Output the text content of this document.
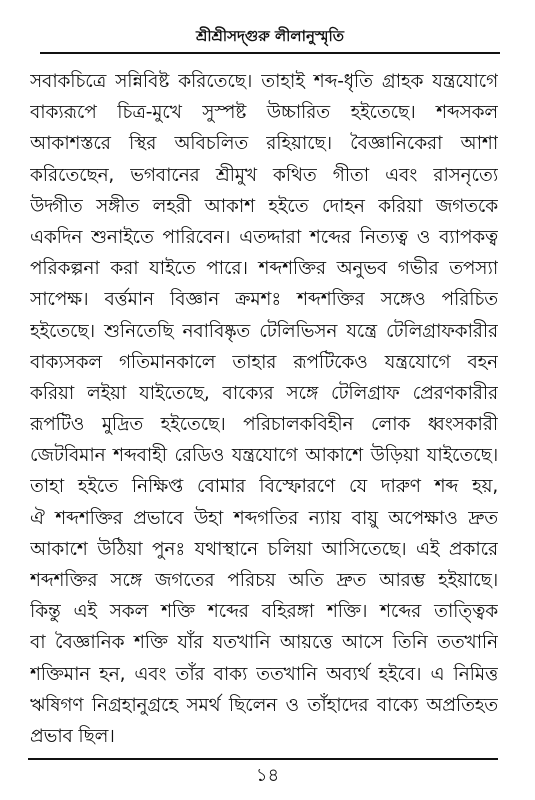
শ্রীশ্রীসদ্‌গুরু লীলানুস্মৃতি
সবাকচিত্রে সন্নিবিষ্ট করিতেছে। তাহাই শব্দ-ধৃতি গ্রাহক যন্ত্রযোগে
বাক্যরূপে চিত্র-মুখে সুস্পষ্ট উচ্চারিত হইতেছে। শব্দসকল
আকাশস্তরে স্থির অবিচলিত রহিয়াছে। বৈজ্ঞানিকেরা আশা
করিতেছেন, ভগবানের শ্রীমুখ কথিত গীতা এবং রাসনৃত্যে
উদ্গীত সঙ্গীত লহরী আকাশ হইতে দোহন করিয়া জগতকে
একদিন শুনাইতে পারিবেন। এতদ্দারা শব্দের নিত্যত্ব ও ব্যাপকত্ব
পরিকল্পনা করা যাইতে পারে। শব্দশক্তির অনুভব গভীর তপস্যা
সাপেক্ষ। বর্ত্তমান বিজ্ঞান ক্রমশঃ শব্দশক্তির সঙ্গেও পরিচিত
হইতেছে। শুনিতেছি নবাবিষ্কৃত টেলিভিসন যন্ত্রে টেলিগ্রাফকারীর
বাক্যসকল গতিমানকালে তাহার রূপটিকেও যন্ত্রযোগে বহন
করিয়া লইয়া যাইতেছে, বাক্যের সঙ্গে টেলিগ্রাফ প্রেরণকারীর
রূপটিও মুদ্রিত হইতেছে। পরিচালকবিহীন লোক ধ্বংসকারী
জেটবিমান শব্দবাহী রেডিও যন্ত্রযোগে আকাশে উড়িয়া যাইতেছে।
তাহা হইতে নিক্ষিপ্ত বোমার বিস্ফোরণে যে দারুণ শব্দ হয়,
ঐ শব্দশক্তির প্রভাবে উহা শব্দগতির ন্যায় বায়ু অপেক্ষাও দ্রুত
আকাশে উঠিয়া পুনঃ যথাস্থানে চলিয়া আসিতেছে। এই প্রকারে
শব্দশক্তির সঙ্গে জগতের পরিচয় অতি দ্রুত আরম্ভ হইয়াছে।
কিন্তু এই সকল শক্তি শব্দের বহিরঙ্গা শক্তি। শব্দের তাত্ত্বিক
বা বৈজ্ঞানিক শক্তি যাঁর যতখানি আয়ত্তে আসে তিনি ততখানি
শক্তিমান হন, এবং তাঁর বাক্য ততখানি অব্যর্থ হইবে। এ নিমিত্ত
ঋষিগণ নিগ্রহানুগ্রহে সমর্থ ছিলেন ও তাঁহাদের বাক্যে অপ্রতিহত
প্রভাব ছিল।
১৪
